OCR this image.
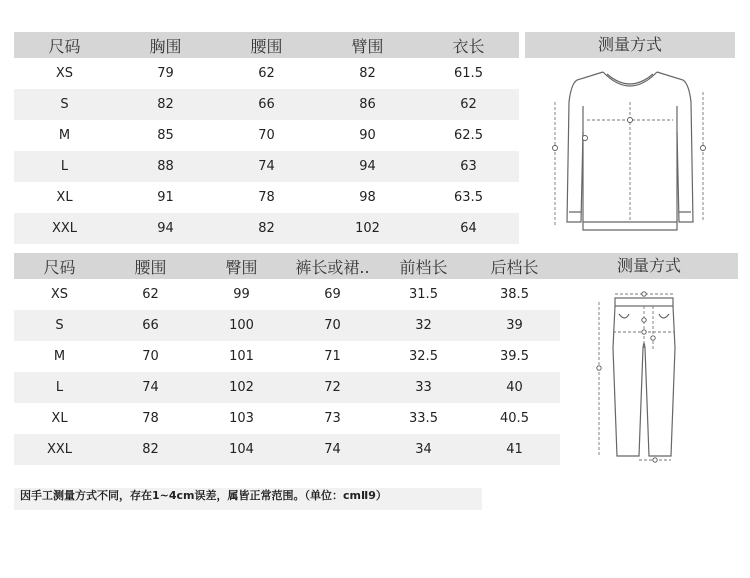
尺码	胸围	腰围	臂围	衣长
XS	79	62	82	61.5
S	82	66	86	62
M	85	70	90	62.5
L	88	74	94	63
XL	91	78	98	63.5
XXL	94	82	102	64
测量方式
尺码	腰围	臀围	裤长或裙..	前档长	后档长
XS	62	99	69	31.5	38.5
S	66	100	70	32	39
M	70	101	71	32.5	39.5
L	74	102	72	33	40
XL	78	103	73	33.5	40.5
XXL	82	104	74	34	41
测量方式
因手工测量方式不同，存在1~4cm误差，属皆正常范围。（单位：cmⅡ9）
